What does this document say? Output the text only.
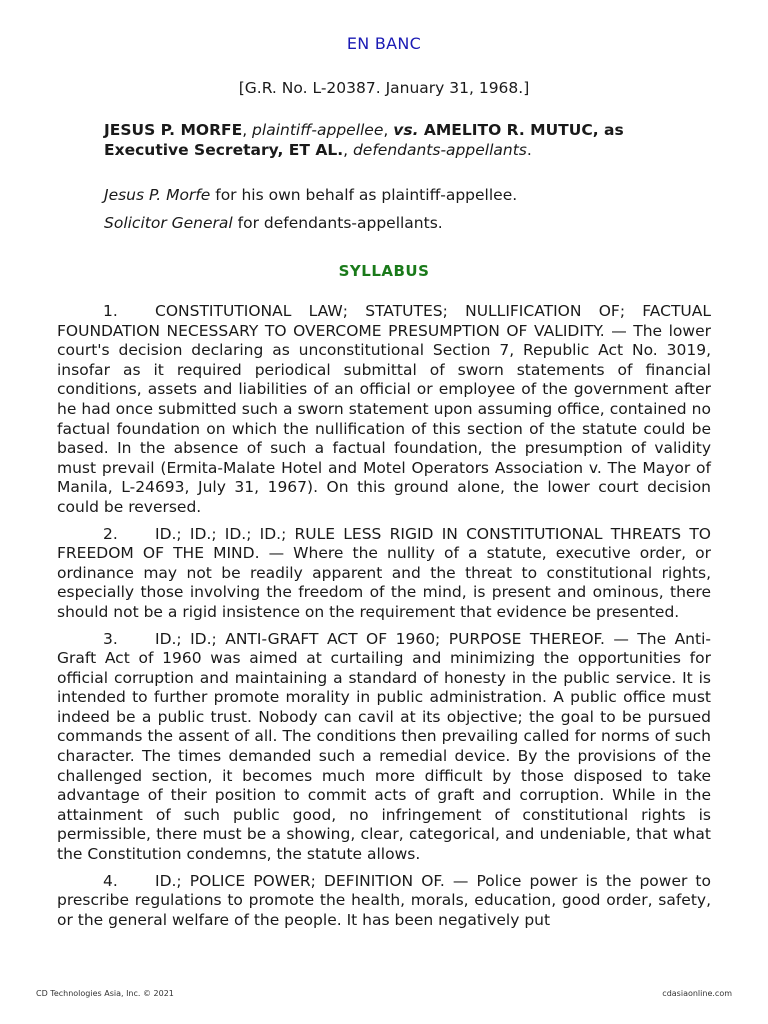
EN BANC
[G.R. No. L-20387. January 31, 1968.]
JESUS P. MORFE, plaintiff-appellee, vs. AMELITO R. MUTUC, as Executive Secretary, ET AL., defendants-appellants.
Jesus P. Morfe for his own behalf as plaintiff-appellee.
Solicitor General for defendants-appellants.
SYLLABUS

1. CONSTITUTIONAL LAW; STATUTES; NULLIFICATION OF; FACTUAL FOUNDATION NECESSARY TO OVERCOME PRESUMPTION OF VALIDITY. — The lower court's decision declaring as unconstitutional Section 7, Republic Act No. 3019, insofar as it required periodical submittal of sworn statements of financial conditions, assets and liabilities of an official or employee of the government after he had once submitted such a sworn statement upon assuming office, contained no factual foundation on which the nullification of this section of the statute could be based. In the absence of such a factual foundation, the presumption of validity must prevail (Ermita-Malate Hotel and Motel Operators Association v. The Mayor of Manila, L-24693, July 31, 1967). On this ground alone, the lower court decision could be reversed.

2. ID.; ID.; ID.; ID.; RULE LESS RIGID IN CONSTITUTIONAL THREATS TO FREEDOM OF THE MIND. — Where the nullity of a statute, executive order, or ordinance may not be readily apparent and the threat to constitutional rights, especially those involving the freedom of the mind, is present and ominous, there should not be a rigid insistence on the requirement that evidence be presented.

3. ID.; ID.; ANTI-GRAFT ACT OF 1960; PURPOSE THEREOF. — The Anti- Graft Act of 1960 was aimed at curtailing and minimizing the opportunities for official corruption and maintaining a standard of honesty in the public service. It is intended to further promote morality in public administration. A public office must indeed be a public trust. Nobody can cavil at its objective; the goal to be pursued commands the assent of all. The conditions then prevailing called for norms of such character. The times demanded such a remedial device. By the provisions of the challenged section, it becomes much more difficult by those disposed to take advantage of their position to commit acts of graft and corruption. While in the attainment of such public good, no infringement of constitutional rights is permissible, there must be a showing, clear, categorical, and undeniable, that what the Constitution condemns, the statute allows.

4. ID.; POLICE POWER; DEFINITION OF. — Police power is the power to prescribe regulations to promote the health, morals, education, good order, safety, or the general welfare of the people. It has been negatively put

CD Technologies Asia, Inc. © 2021	cdasiaonline.com
